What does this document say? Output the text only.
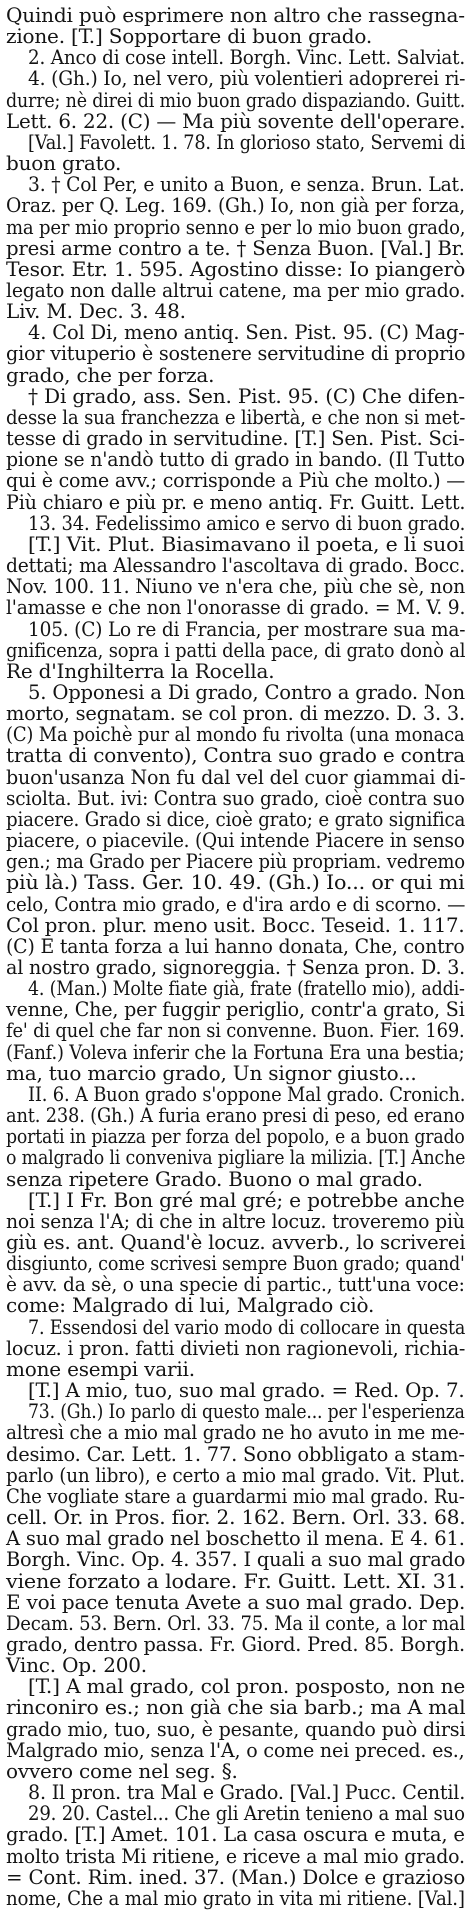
Quindi può esprimere non altro che rassegna-
zione. [T.] Sopportare di buon grado.
2. Anco di cose intell. Borgh. Vinc. Lett. Salviat.
4. (Gh.) Io, nel vero, più volentieri adoprerei ri-
durre; nè direi di mio buon grado dispaziando. Guitt.
Lett. 6. 22. (C) — Ma più sovente dell'operare.
[Val.] Favolett. 1. 78. In glorioso stato, Servemi di
buon grato.
3. † Col Per, e unito a Buon, e senza. Brun. Lat.
Oraz. per Q. Leg. 169. (Gh.) Io, non già per forza,
ma per mio proprio senno e per lo mio buon grado,
presi arme contro a te. † Senza Buon. [Val.] Br.
Tesor. Etr. 1. 595. Agostino disse: Io piangerò
legato non dalle altrui catene, ma per mio grado.
Liv. M. Dec. 3. 48.
4. Col Di, meno antiq. Sen. Pist. 95. (C) Mag-
gior vituperio è sostenere servitudine di proprio
grado, che per forza.
† Di grado, ass. Sen. Pist. 95. (C) Che difen-
desse la sua franchezza e libertà, e che non si met-
tesse di grado in servitudine. [T.] Sen. Pist. Sci-
pione se n'andò tutto di grado in bando. (Il Tutto
qui è come avv.; corrisponde a Più che molto.) —
Più chiaro e più pr. e meno antiq. Fr. Guitt. Lett.
13. 34. Fedelissimo amico e servo di buon grado.
[T.] Vit. Plut. Biasimavano il poeta, e li suoi
dettati; ma Alessandro l'ascoltava di grado. Bocc.
Nov. 100. 11. Niuno ve n'era che, più che sè, non
l'amasse e che non l'onorasse di grado. = M. V. 9.
105. (C) Lo re di Francia, per mostrare sua ma-
gnificenza, sopra i patti della pace, di grato donò al
Re d'Inghilterra la Rocella.
5. Opponesi a Di grado, Contro a grado. Non
morto, segnatam. se col pron. di mezzo. D. 3. 3.
(C) Ma poichè pur al mondo fu rivolta (una monaca
tratta di convento), Contra suo grado e contra
buon'usanza Non fu dal vel del cuor giammai di-
sciolta. But. ivi: Contra suo grado, cioè contra suo
piacere. Grado si dice, cioè grato; e grato significa
piacere, o piacevile. (Qui intende Piacere in senso
gen.; ma Grado per Piacere più propriam. vedremo
più là.) Tass. Ger. 10. 49. (Gh.) Io... or qui mi
celo, Contra mio grado, e d'ira ardo e di scorno. —
Col pron. plur. meno usit. Bocc. Teseid. 1. 117.
(C) E tanta forza a lui hanno donata, Che, contro
al nostro grado, signoreggia. † Senza pron. D. 3.
4. (Man.) Molte fiate già, frate (fratello mio), addi-
venne, Che, per fuggir periglio, contr'a grato, Si
fe' di quel che far non si convenne. Buon. Fier. 169.
(Fanf.) Voleva inferir che la Fortuna Era una bestia;
ma, tuo marcio grado, Un signor giusto...
II. 6. A Buon grado s'oppone Mal grado. Cronich.
ant. 238. (Gh.) A furia erano presi di peso, ed erano
portati in piazza per forza del popolo, e a buon grado
o malgrado li conveniva pigliare la milizia. [T.] Anche
senza ripetere Grado. Buono o mal grado.
[T.] I Fr. Bon gré mal gré; e potrebbe anche
noi senza l'A; di che in altre locuz. troveremo più
giù es. ant. Quand'è locuz. avverb., lo scriverei
disgiunto, come scrivesi sempre Buon grado; quand'
è avv. da sè, o una specie di partic., tutt'una voce:
come: Malgrado di lui, Malgrado ciò.
7. Essendosi del vario modo di collocare in questa
locuz. i pron. fatti divieti non ragionevoli, richia-
mone esempi varii.
[T.] A mio, tuo, suo mal grado. = Red. Op. 7.
73. (Gh.) Io parlo di questo male... per l'esperienza
altresì che a mio mal grado ne ho avuto in me me-
desimo. Car. Lett. 1. 77. Sono obbligato a stam-
parlo (un libro), e certo a mio mal grado. Vit. Plut.
Che vogliate stare a guardarmi mio mal grado. Ru-
cell. Or. in Pros. fior. 2. 162. Bern. Orl. 33. 68.
A suo mal grado nel boschetto il mena. E 4. 61.
Borgh. Vinc. Op. 4. 357. I quali a suo mal grado
viene forzato a lodare. Fr. Guitt. Lett. XI. 31.
E voi pace tenuta Avete a suo mal grado. Dep.
Decam. 53. Bern. Orl. 33. 75. Ma il conte, a lor mal
grado, dentro passa. Fr. Giord. Pred. 85. Borgh.
Vinc. Op. 200.
[T.] A mal grado, col pron. posposto, non ne
rinconiro es.; non già che sia barb.; ma A mal
grado mio, tuo, suo, è pesante, quando può dirsi
Malgrado mio, senza l'A, o come nei preced. es.,
ovvero come nel seg. §.
8. Il pron. tra Mal e Grado. [Val.] Pucc. Centil.
29. 20. Castel... Che gli Aretin tenieno a mal suo
grado. [T.] Amet. 101. La casa oscura e muta, e
molto trista Mi ritiene, e riceve a mal mio grado.
= Cont. Rim. ined. 37. (Man.) Dolce e grazioso
nome, Che a mal mio grato in vita mi ritiene. [Val.]
